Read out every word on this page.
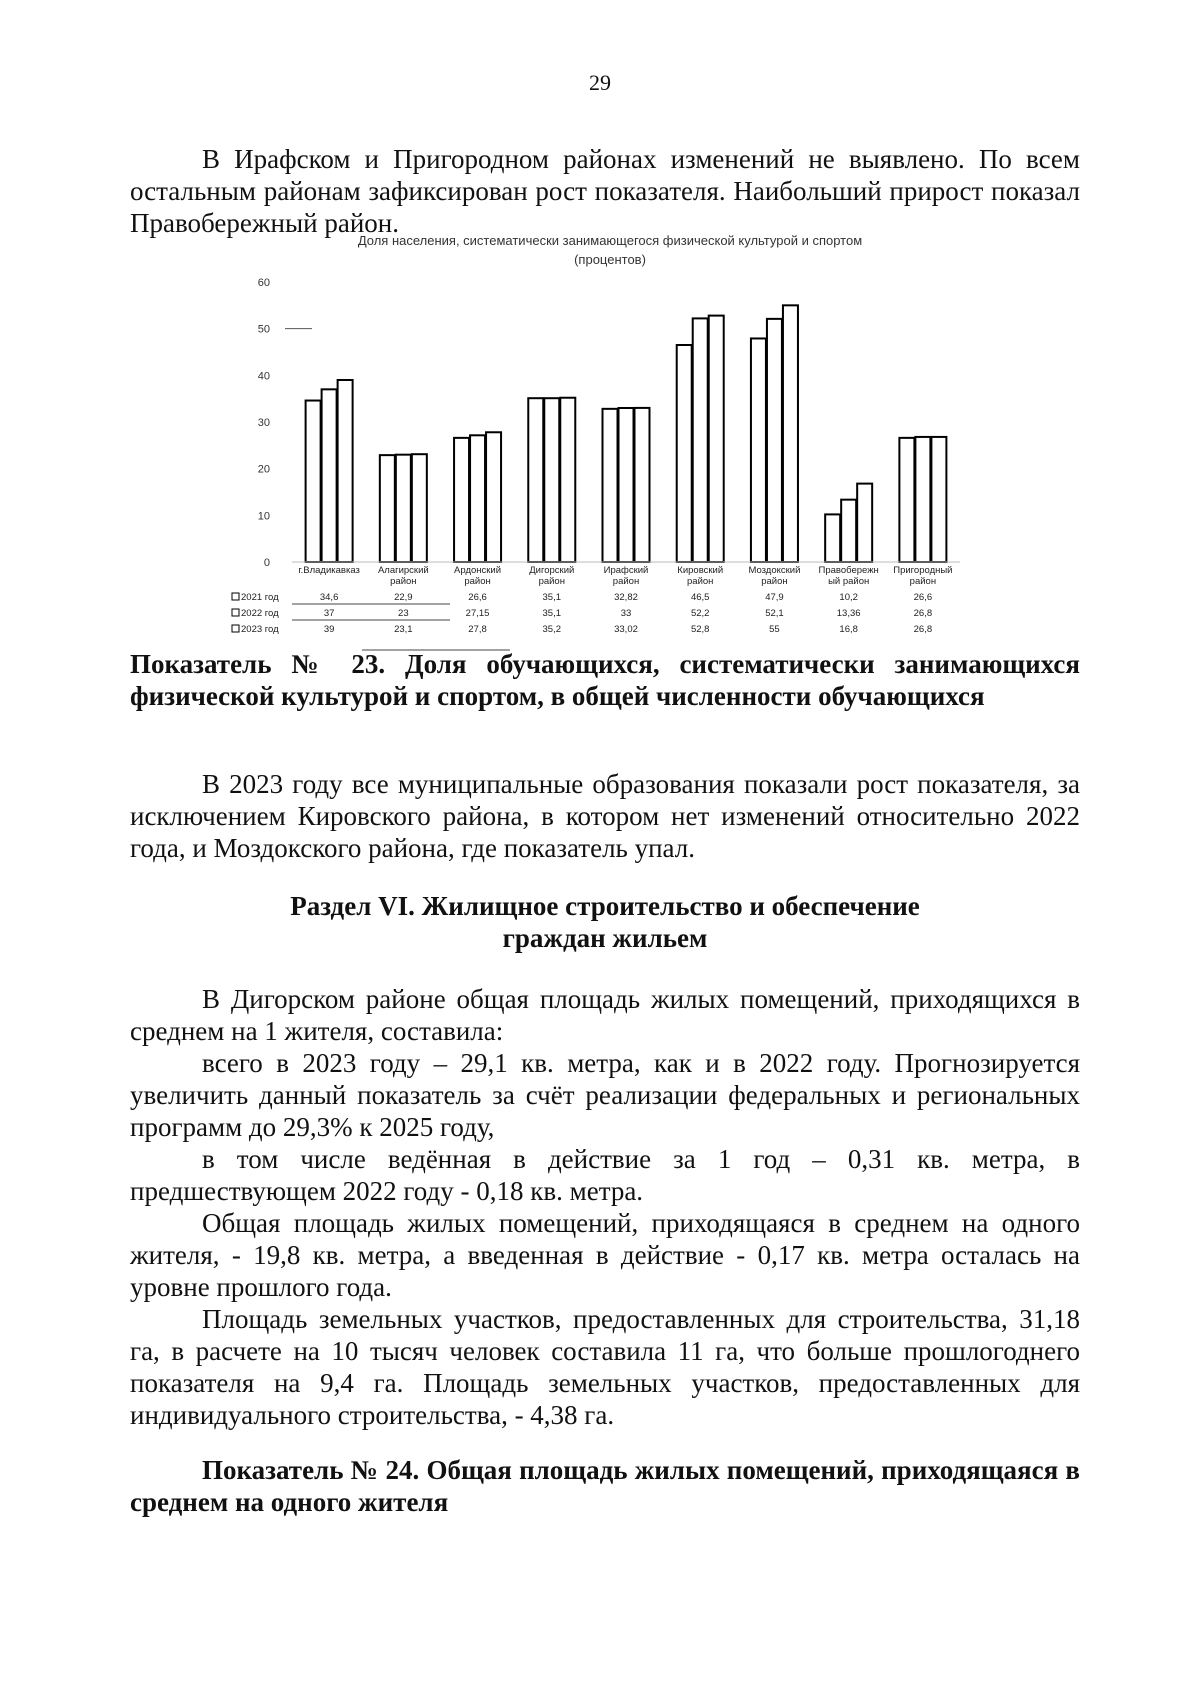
29

В Ирафском и Пригородном районах изменений не выявлено. По всем остальным районам зафиксирован рост показателя. Наибольший прирост показал Правобережный район.

Доля населения, систематически занимающегося физической культурой и спортом
(процентов)
0
10
20
30
40
50
60
г.Владикавказ
34,6
37
39
Алагирский
район
22,9
23
23,1
Ардонский
район
26,6
27,15
27,8
Дигорский
район
35,1
35,1
35,2
Ирафский
район
32,82
33
33,02
Кировский
район
46,5
52,2
52,8
Моздокский
район
47,9
52,1
55
Правобережн
ый район
10,2
13,36
16,8
Пригородный
район
26,6
26,8
26,8
2021 год
2022 год
2023 год

Показатель № 23. Доля обучающихся, систематически занимающихся физической культурой и спортом, в общей численности обучающихся

В 2023 году все муниципальные образования показали рост показателя, за исключением Кировского района, в котором нет изменений относительно 2022 года, и Моздокского района, где показатель упал.

Раздел VI. Жилищное строительство и обеспечение
граждан жильем

В Дигорском районе общая площадь жилых помещений, приходящихся в среднем на 1 жителя, составила:

всего в 2023 году – 29,1 кв. метра, как и в 2022 году. Прогнозируется увеличить данный показатель за счёт реализации федеральных и региональных программ до 29,3% к 2025 году,

в том числе ведённая в действие за 1 год – 0,31 кв. метра, в предшествующем 2022 году - 0,18 кв. метра.

Общая площадь жилых помещений, приходящаяся в среднем на одного жителя, - 19,8 кв. метра, а введенная в действие - 0,17 кв. метра осталась на уровне прошлого года.

Площадь земельных участков, предоставленных для строительства, 31,18 га, в расчете на 10 тысяч человек составила 11 га, что больше прошлогоднего показателя на 9,4 га. Площадь земельных участков, предоставленных для индивидуального строительства, - 4,38 га.

Показатель № 24. Общая площадь жилых помещений, приходящаяся в среднем на одного жителя
